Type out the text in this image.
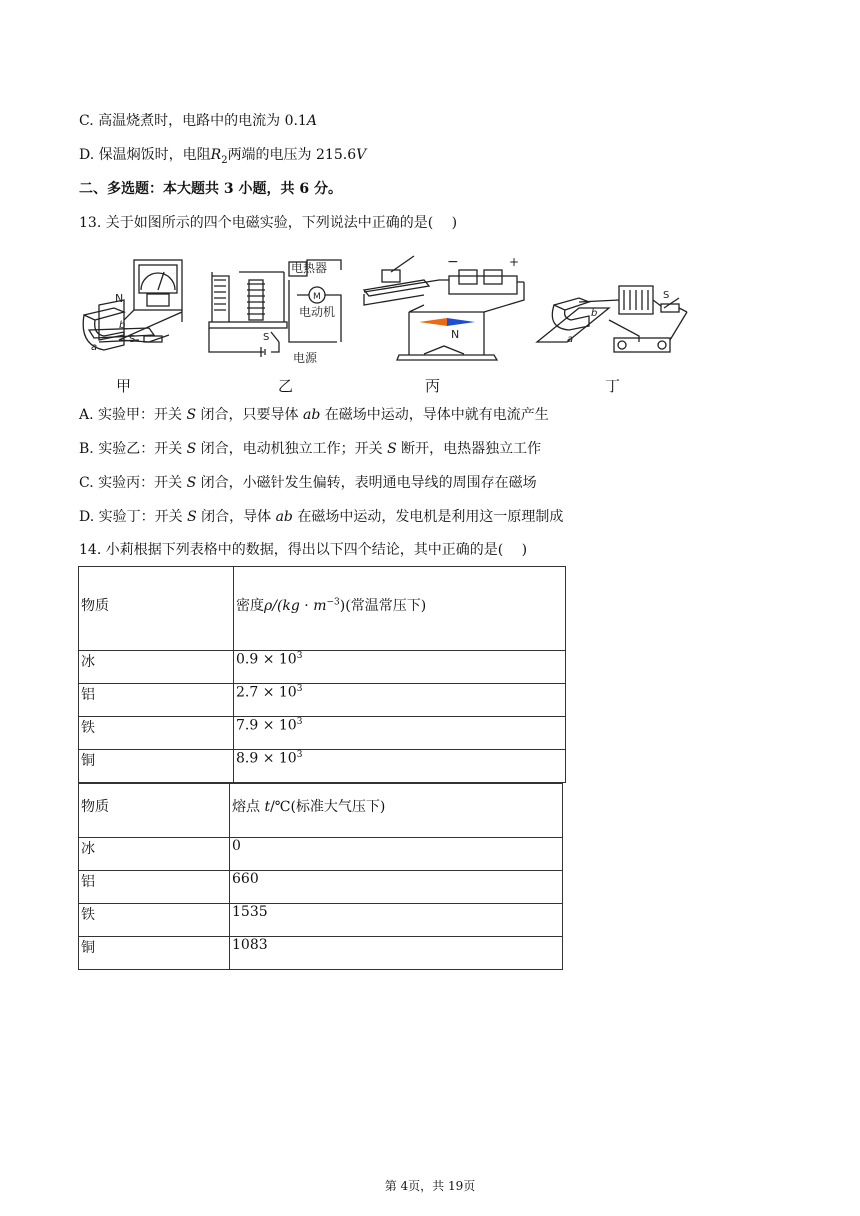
C. 高温烧煮时，电路中的电流为 0.1A
D. 保温焖饭时，电阻$R_2$两端的电压为 215.6V
二、多选题：本大题共 3 小题，共 6 分。
13. 关于如图所示的四个电磁实验，下列说法中正确的是(　 )
N
S
a
b
电热器
M
电动机
S
电源
N
−	+
b
a
S
甲	乙	丙	丁
A. 实验甲：开关 S 闭合，只要导体 ab 在磁场中运动，导体中就有电流产生
B. 实验乙：开关 S 闭合，电动机独立工作；开关 S 断开，电热器独立工作
C. 实验丙：开关 S 闭合，小磁针发生偏转，表明通电导线的周围存在磁场
D. 实验丁：开关 S 闭合，导体 ab 在磁场中运动，发电机是利用这一原理制成
14. 小莉根据下列表格中的数据，得出以下四个结论，其中正确的是(　 )
物质	密度$\rho/(kg \cdot m^{-3})$(常温常压下)
冰	$0.9 \times 10^3$
铝	$2.7 \times 10^3$
铁	$7.9 \times 10^3$
铜	$8.9 \times 10^3$
物质	熔点 t/℃(标准大气压下)
冰	0
铝	660
铁	1535
铜	1083
第 4页，共 19页
